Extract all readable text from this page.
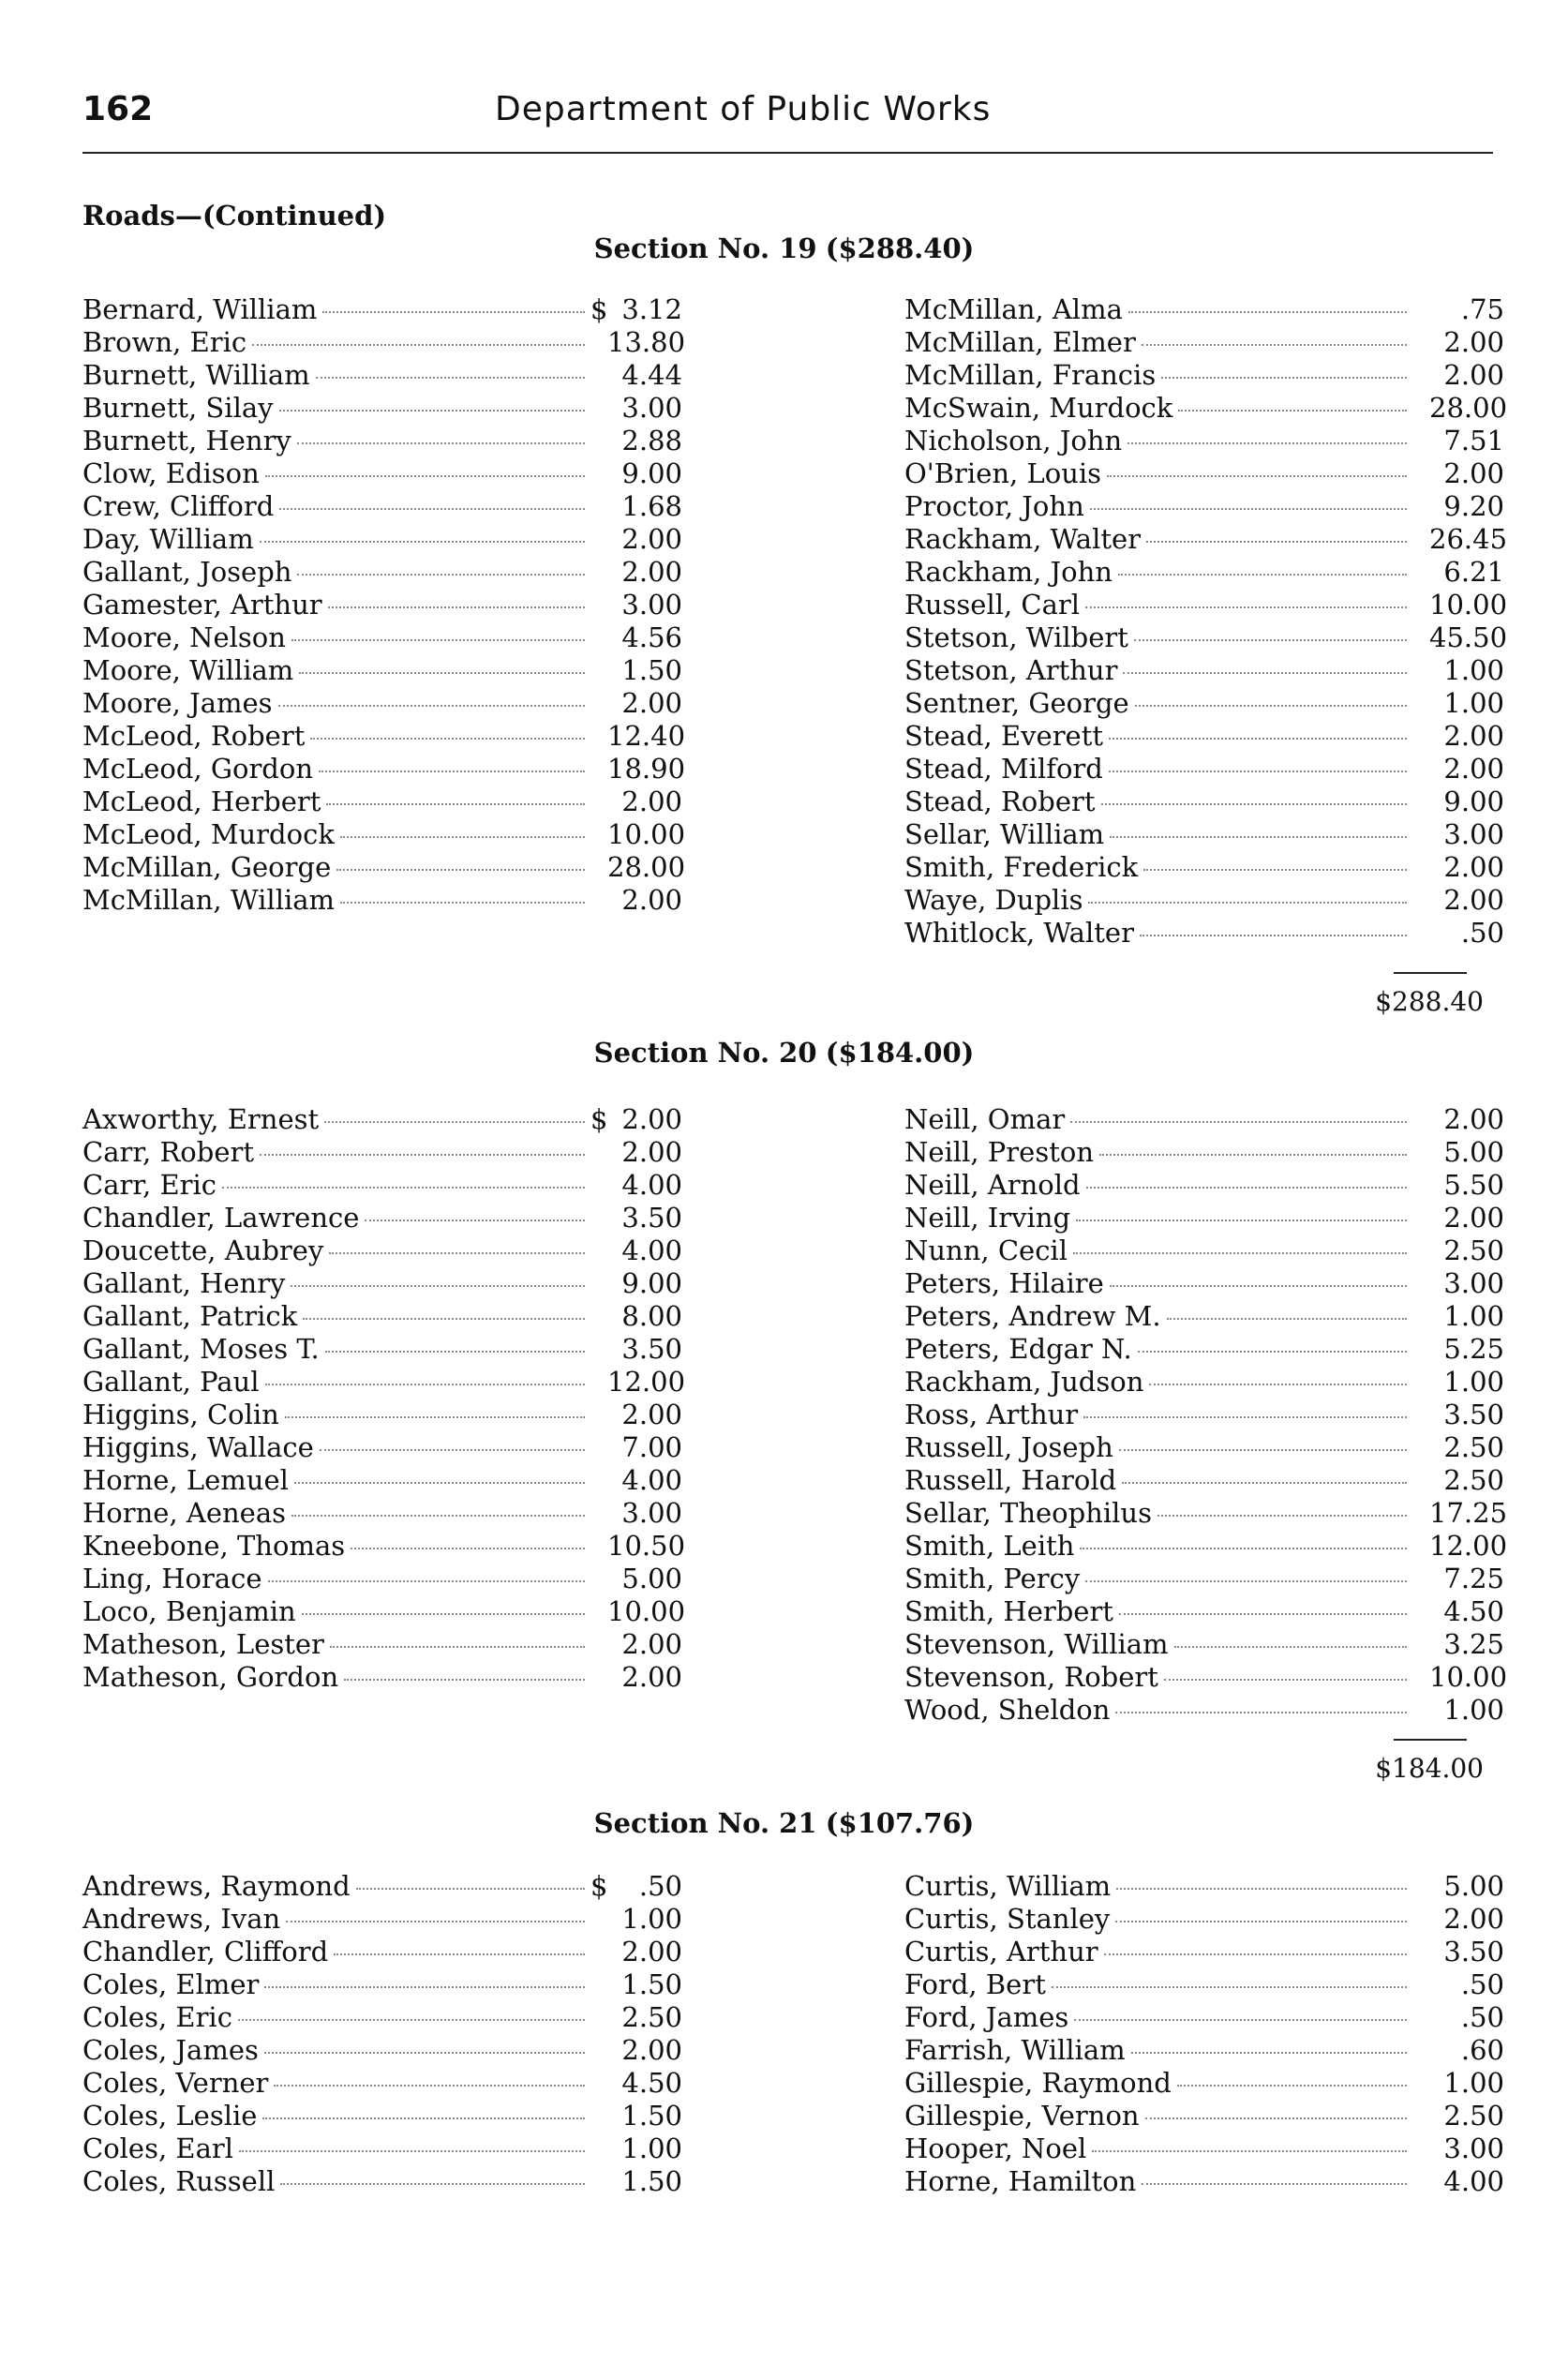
162	Department of Public Works
Roads—(Continued)
Section No. 19 ($288.40)
Bernard, William	$ 3.12
Brown, Eric	13.80
Burnett, William	4.44
Burnett, Silay	3.00
Burnett, Henry	2.88
Clow, Edison	9.00
Crew, Clifford	1.68
Day, William	2.00
Gallant, Joseph	2.00
Gamester, Arthur	3.00
Moore, Nelson	4.56
Moore, William	1.50
Moore, James	2.00
McLeod, Robert	12.40
McLeod, Gordon	18.90
McLeod, Herbert	2.00
McLeod, Murdock	10.00
McMillan, George	28.00
McMillan, William	2.00
McMillan, Alma	.75
McMillan, Elmer	2.00
McMillan, Francis	2.00
McSwain, Murdock	28.00
Nicholson, John	7.51
O'Brien, Louis	2.00
Proctor, John	9.20
Rackham, Walter	26.45
Rackham, John	6.21
Russell, Carl	10.00
Stetson, Wilbert	45.50
Stetson, Arthur	1.00
Sentner, George	1.00
Stead, Everett	2.00
Stead, Milford	2.00
Stead, Robert	9.00
Sellar, William	3.00
Smith, Frederick	2.00
Waye, Duplis	2.00
Whitlock, Walter	.50
$288.40
Section No. 20 ($184.00)
Axworthy, Ernest	$ 2.00
Carr, Robert	2.00
Carr, Eric	4.00
Chandler, Lawrence	3.50
Doucette, Aubrey	4.00
Gallant, Henry	9.00
Gallant, Patrick	8.00
Gallant, Moses T.	3.50
Gallant, Paul	12.00
Higgins, Colin	2.00
Higgins, Wallace	7.00
Horne, Lemuel	4.00
Horne, Aeneas	3.00
Kneebone, Thomas	10.50
Ling, Horace	5.00
Loco, Benjamin	10.00
Matheson, Lester	2.00
Matheson, Gordon	2.00
Neill, Omar	2.00
Neill, Preston	5.00
Neill, Arnold	5.50
Neill, Irving	2.00
Nunn, Cecil	2.50
Peters, Hilaire	3.00
Peters, Andrew M.	1.00
Peters, Edgar N.	5.25
Rackham, Judson	1.00
Ross, Arthur	3.50
Russell, Joseph	2.50
Russell, Harold	2.50
Sellar, Theophilus	17.25
Smith, Leith	12.00
Smith, Percy	7.25
Smith, Herbert	4.50
Stevenson, William	3.25
Stevenson, Robert	10.00
Wood, Sheldon	1.00
$184.00
Section No. 21 ($107.76)
Andrews, Raymond	$	.50
Andrews, Ivan	1.00
Chandler, Clifford	2.00
Coles, Elmer	1.50
Coles, Eric	2.50
Coles, James	2.00
Coles, Verner	4.50
Coles, Leslie	1.50
Coles, Earl	1.00
Coles, Russell	1.50
Curtis, William	5.00
Curtis, Stanley	2.00
Curtis, Arthur	3.50
Ford, Bert	.50
Ford, James	.50
Farrish, William	.60
Gillespie, Raymond	1.00
Gillespie, Vernon	2.50
Hooper, Noel	3.00
Horne, Hamilton	4.00
